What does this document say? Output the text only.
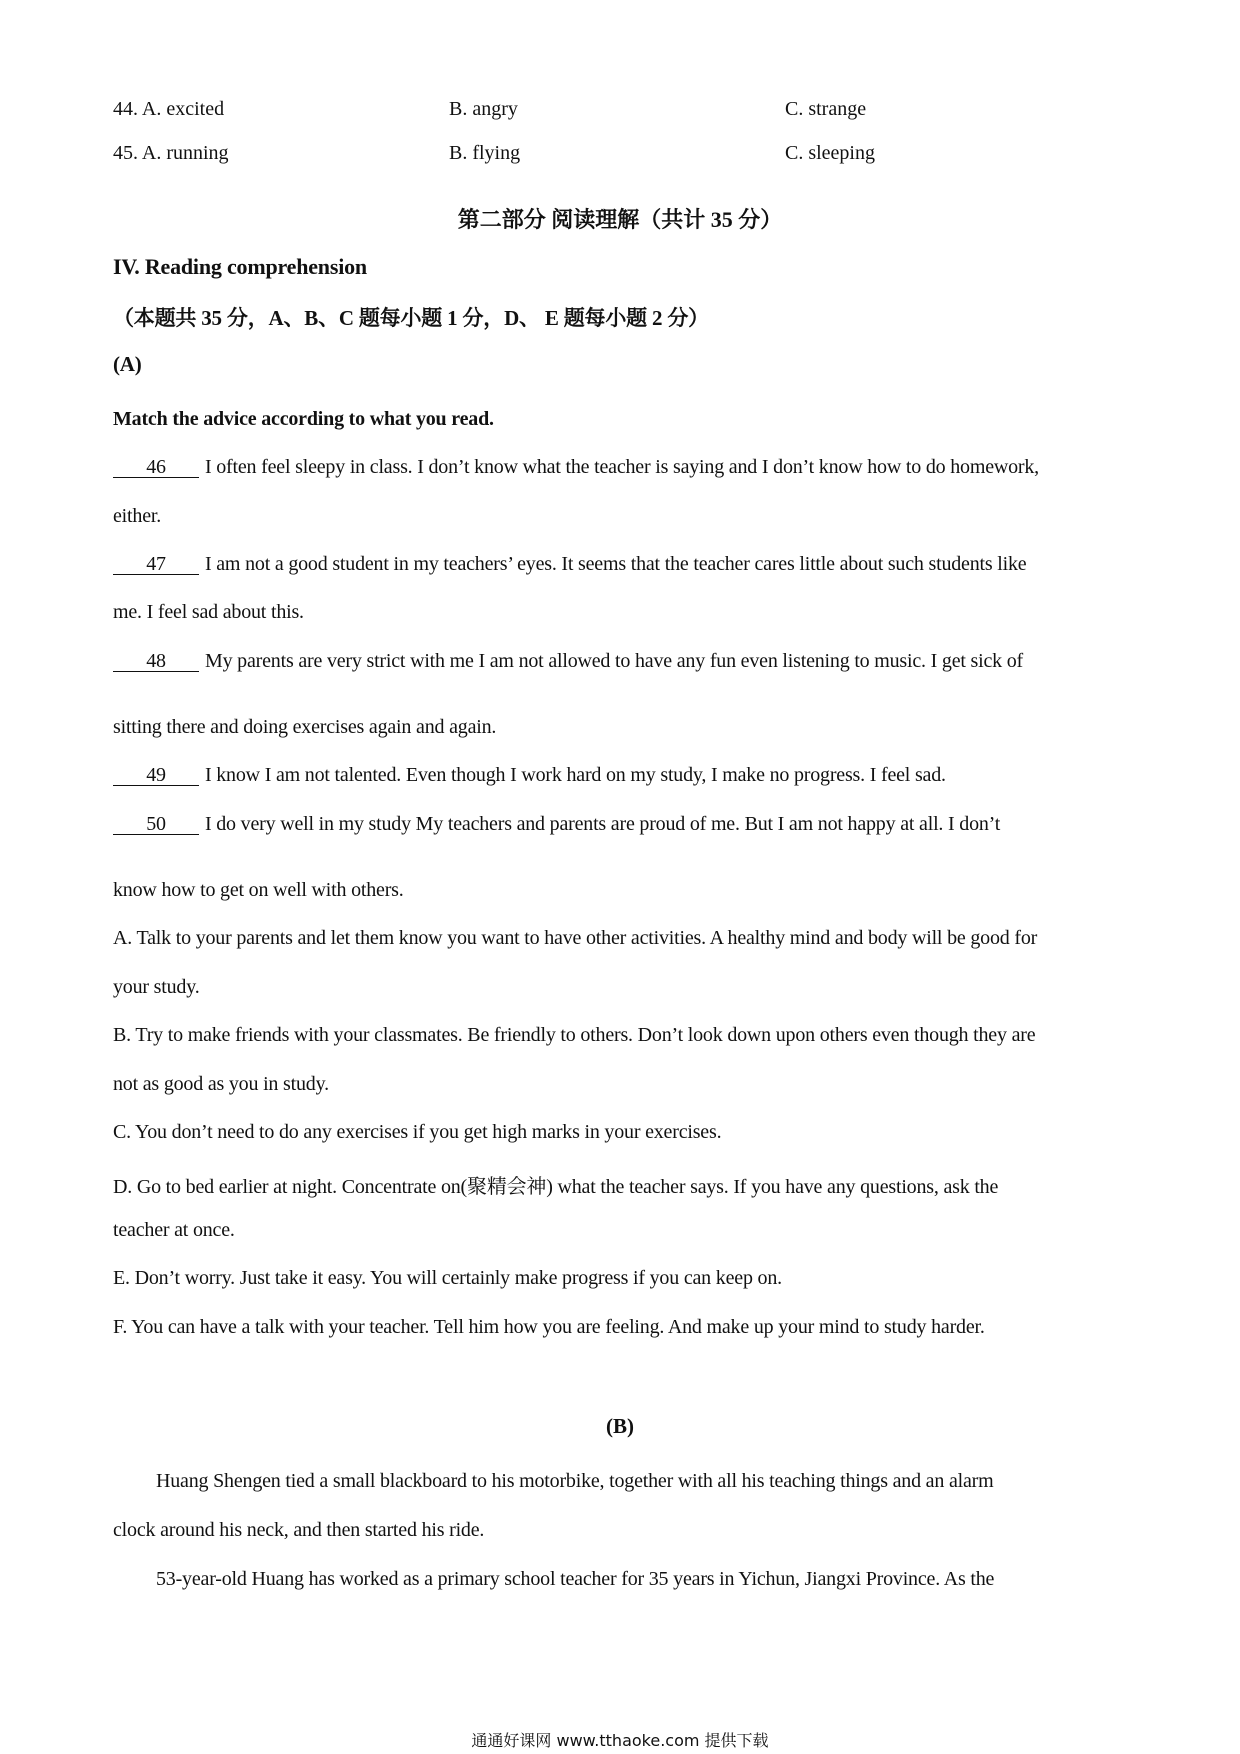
44. A. excited	B. angry	C. strange
45. A. running	B. flying	C. sleeping
第二部分 阅读理解（共计 35 分）
IV. Reading comprehension
（本题共 35 分，A、B、C 题每小题 1 分，D、 E 题每小题 2 分）
(A)
Match the advice according to what you read.
46 I often feel sleepy in class. I don’t know what the teacher is saying and I don’t know how to do homework,
either.
47 I am not a good student in my teachers’ eyes. It seems that the teacher cares little about such students like
me. I feel sad about this.
48 My parents are very strict with me I am not allowed to have any fun even listening to music. I get sick of
sitting there and doing exercises again and again.
49 I know I am not talented. Even though I work hard on my study, I make no progress. I feel sad.
50 I do very well in my study My teachers and parents are proud of me. But I am not happy at all. I don’t
know how to get on well with others.
A. Talk to your parents and let them know you want to have other activities. A healthy mind and body will be good for
your study.
B. Try to make friends with your classmates. Be friendly to others. Don’t look down upon others even though they are
not as good as you in study.
C. You don’t need to do any exercises if you get high marks in your exercises.
D. Go to bed earlier at night. Concentrate on(聚精会神) what the teacher says. If you have any questions, ask the
teacher at once.
E. Don’t worry. Just take it easy. You will certainly make progress if you can keep on.
F. You can have a talk with your teacher. Tell him how you are feeling. And make up your mind to study harder.
(B)
Huang Shengen tied a small blackboard to his motorbike, together with all his teaching things and an alarm
clock around his neck, and then started his ride.
53-year-old Huang has worked as a primary school teacher for 35 years in Yichun, Jiangxi Province. As the
通通好课网 www.tthaoke.com 提供下载
